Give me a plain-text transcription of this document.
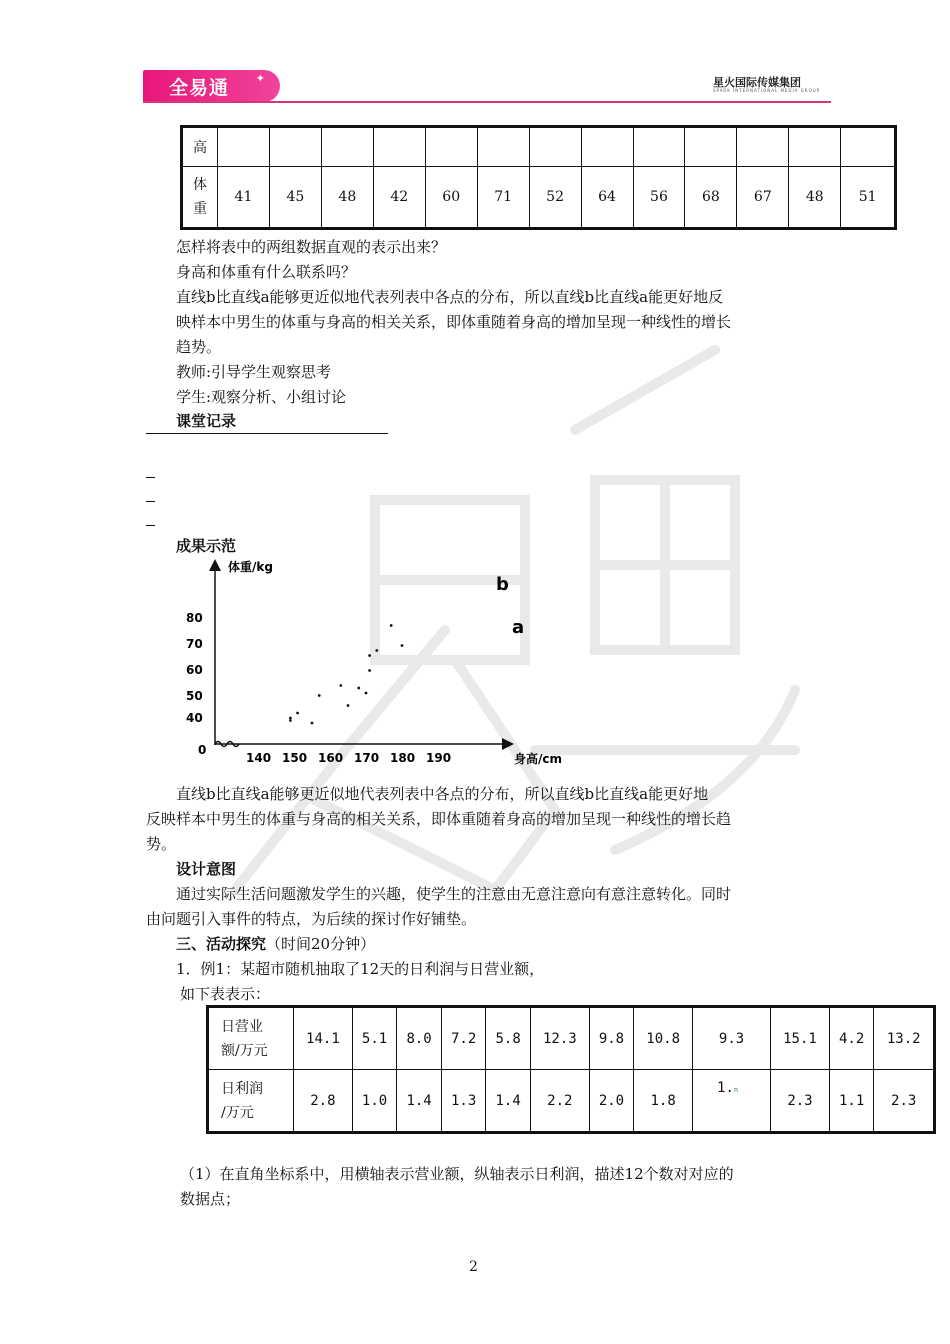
全易通 ✦	星火国际传媒集团
SPARK INTERNATIONAL MEDIA GROUP
高													
体
重	41	45	48	42	60	71	52	64	56	68	67	48	51
怎样将表中的两组数据直观的表示出来？
身高和体重有什么联系吗？
直线b比直线a能够更近似地代表列表中各点的分布，所以直线b比直线a能更好地反
映样本中男生的体重与身高的相关关系，即体重随着身高的增加呈现一种线性的增长
趋势。
教师:引导学生观察思考
学生:观察分析、小组讨论
课堂记录
成果示范
体重/kg
身高/cm
0
b
a
140 150 160 170 180 190
80
70
60
50
40
直线b比直线a能够更近似地代表列表中各点的分布，所以直线b比直线a能更好地
反映样本中男生的体重与身高的相关关系，即体重随着身高的增加呈现一种线性的增长趋
势。
设计意图
通过实际生活问题激发学生的兴趣，使学生的注意由无意注意向有意注意转化。同时
由问题引入事件的特点，为后续的探讨作好铺垫。
三、活动探究（时间20分钟）
1．例1：某超市随机抽取了12天的日利润与日营业额，
如下表表示：
日营业
额/万元	14.1	5.1	8.0	7.2	5.8	12.3	9.8	10.8	9.3	15.1	4.2	13.2
日利润
/万元	2.8	1.0	1.4	1.3	1.4	2.2	2.0	1.8	1.n	2.3	1.1	2.3
（1）在直角坐标系中，用横轴表示营业额，纵轴表示日利润，描述12个数对对应的
数据点；
2
